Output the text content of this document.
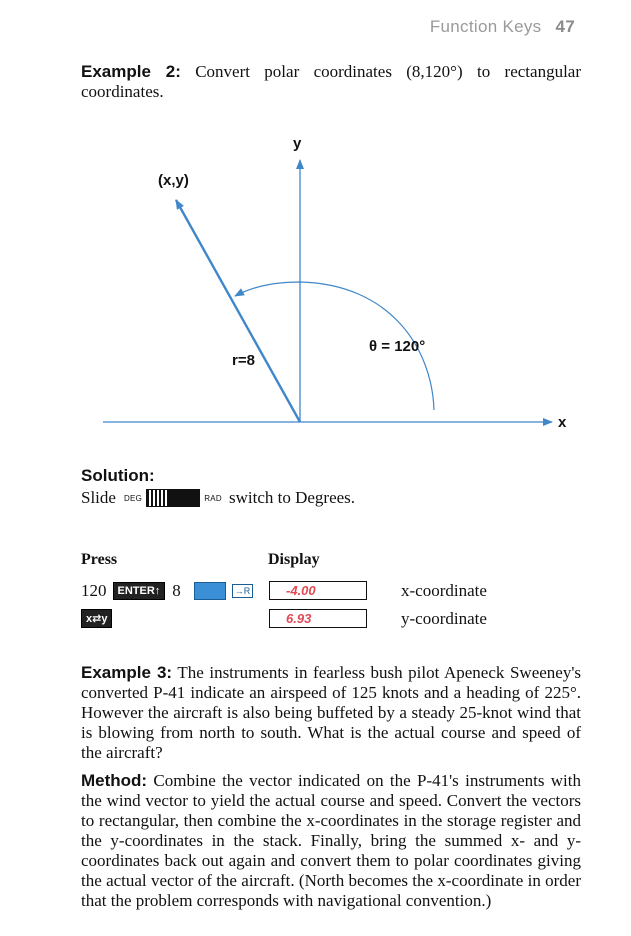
Function Keys 47
Example 2: Convert polar coordinates (8,120°) to rectangular coordinates.
y
x
(x,y)
r=8
θ = 120°
Solution:
Slide DEG	RAD switch to Degrees.
Press	Display
120	ENTER↑ 8	→R	-4.00	x-coordinate
x⇄y	6.93	y-coordinate
Example 3: The instruments in fearless bush pilot Apeneck Sweeney's converted P-41 indicate an airspeed of 125 knots and a heading of 225°. However the aircraft is also being buffeted by a steady 25-knot wind that is blowing from north to south. What is the actual course and speed of the aircraft?
Method: Combine the vector indicated on the P-41's instruments with the wind vector to yield the actual course and speed. Convert the vectors to rectangular, then combine the x-coordinates in the storage register and the y-coordinates in the stack. Finally, bring the summed x- and y-coordinates back out again and convert them to polar coordinates giving the actual vector of the aircraft. (North becomes the x-coordinate in order that the problem corresponds with navigational convention.)
